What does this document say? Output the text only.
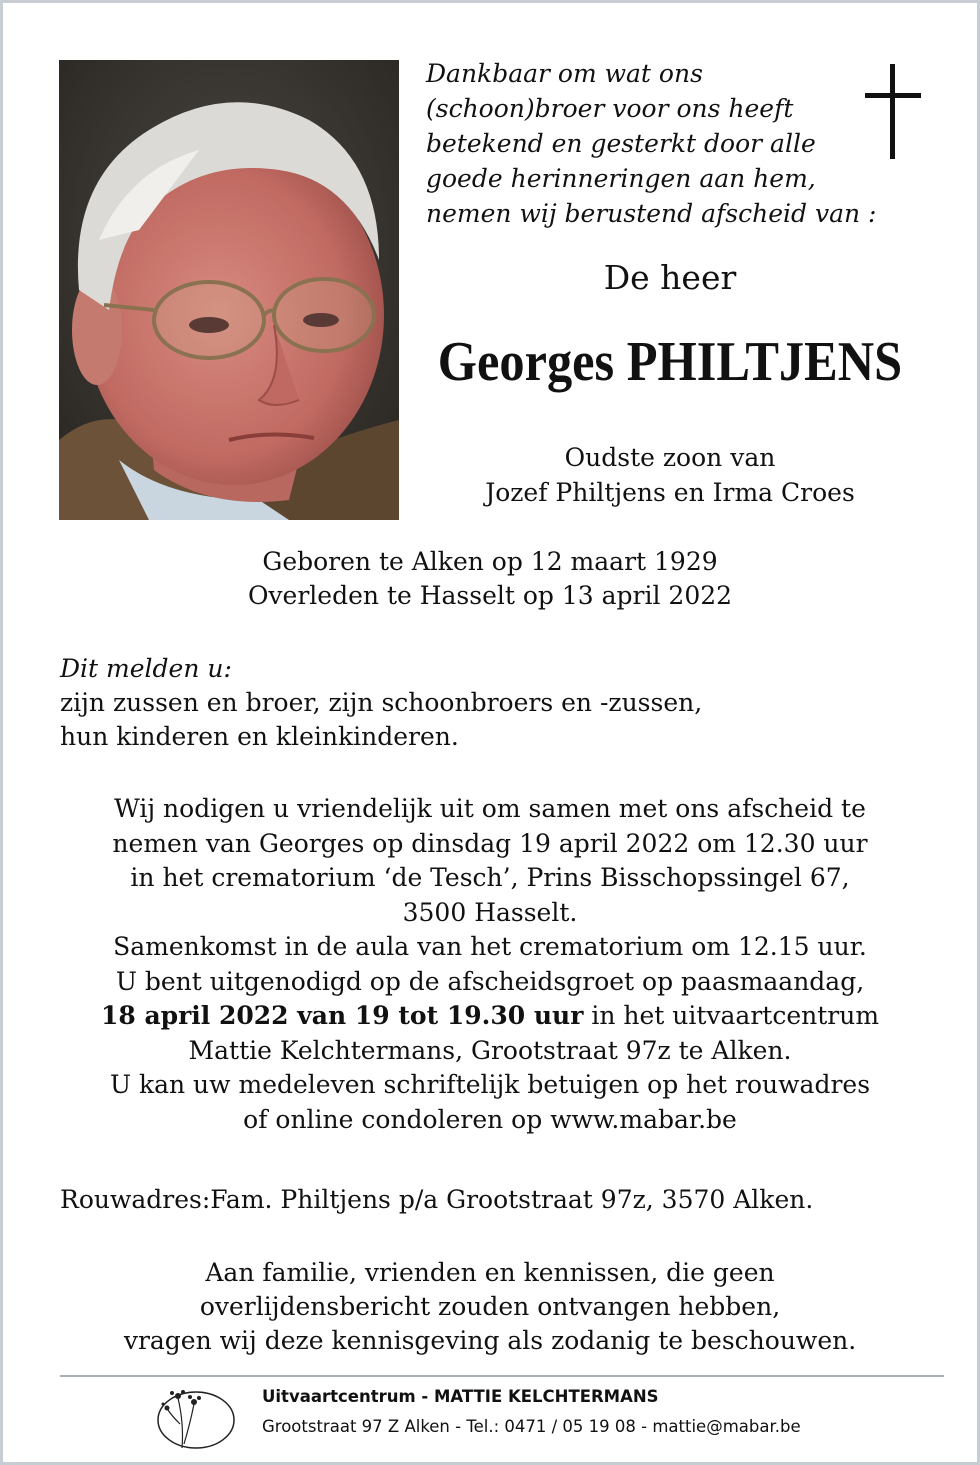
Dankbaar om wat ons
(schoon)broer voor ons heeft
betekend en gesterkt door alle
goede herinneringen aan hem,
nemen wij berustend afscheid van :
De heer
Georges PHILTJENS
Oudste zoon van
Jozef Philtjens en Irma Croes
Geboren te Alken op 12 maart 1929
Overleden te Hasselt op 13 april 2022
Dit melden u:
zijn zussen en broer, zijn schoonbroers en -zussen,
hun kinderen en kleinkinderen.
Wij nodigen u vriendelijk uit om samen met ons afscheid te
nemen van Georges op dinsdag 19 april 2022 om 12.30 uur
in het crematorium ‘de Tesch’, Prins Bisschopssingel 67,
3500 Hasselt.
Samenkomst in de aula van het crematorium om 12.15 uur.
U bent uitgenodigd op de afscheidsgroet op paasmaandag,
18 april 2022 van 19 tot 19.30 uur in het uitvaartcentrum
Mattie Kelchtermans, Grootstraat 97z te Alken.
U kan uw medeleven schriftelijk betuigen op het rouwadres
of online condoleren op www.mabar.be
Rouwadres:Fam. Philtjens p/a Grootstraat 97z, 3570 Alken.
Aan familie, vrienden en kennissen, die geen
overlijdensbericht zouden ontvangen hebben,
vragen wij deze kennisgeving als zodanig te beschouwen.
Uitvaartcentrum - MATTIE KELCHTERMANS
Grootstraat 97 Z Alken - Tel.: 0471 / 05 19 08 - mattie@mabar.be
